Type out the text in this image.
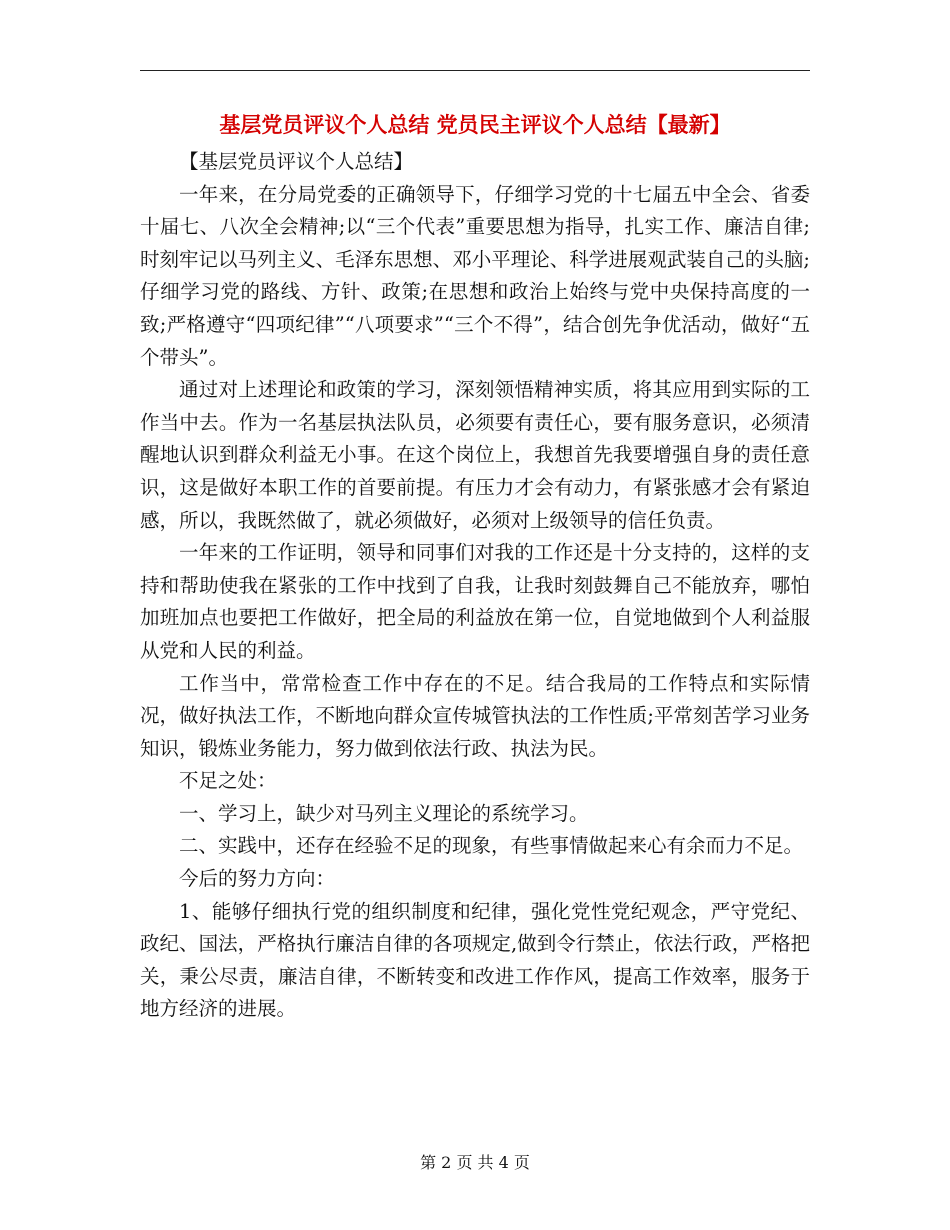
基层党员评议个人总结 党员民主评议个人总结【最新】

【基层党员评议个人总结】

一年来，在分局党委的正确领导下，仔细学习党的十七届五中全会、省委十届七、八次全会精神;以“三个代表”重要思想为指导，扎实工作、廉洁自律;时刻牢记以马列主义、毛泽东思想、邓小平理论、科学进展观武装自己的头脑;仔细学习党的路线、方针、政策;在思想和政治上始终与党中央保持高度的一致;严格遵守“四项纪律”“八项要求”“三个不得”，结合创先争优活动，做好“五个带头”。

通过对上述理论和政策的学习，深刻领悟精神实质，将其应用到实际的工作当中去。作为一名基层执法队员，必须要有责任心，要有服务意识，必须清醒地认识到群众利益无小事。在这个岗位上，我想首先我要增强自身的责任意识，这是做好本职工作的首要前提。有压力才会有动力，有紧张感才会有紧迫感，所以，我既然做了，就必须做好，必须对上级领导的信任负责。

一年来的工作证明，领导和同事们对我的工作还是十分支持的，这样的支持和帮助使我在紧张的工作中找到了自我，让我时刻鼓舞自己不能放弃，哪怕加班加点也要把工作做好，把全局的利益放在第一位，自觉地做到个人利益服从党和人民的利益。

工作当中，常常检查工作中存在的不足。结合我局的工作特点和实际情况，做好执法工作，不断地向群众宣传城管执法的工作性质;平常刻苦学习业务知识，锻炼业务能力，努力做到依法行政、执法为民。

不足之处：

一、学习上，缺少对马列主义理论的系统学习。

二、实践中，还存在经验不足的现象，有些事情做起来心有余而力不足。

今后的努力方向：

1、能够仔细执行党的组织制度和纪律，强化党性党纪观念，严守党纪、政纪、国法，严格执行廉洁自律的各项规定,做到令行禁止，依法行政，严格把关，秉公尽责，廉洁自律，不断转变和改进工作作风，提高工作效率，服务于地方经济的进展。

第 2 页 共 4 页
